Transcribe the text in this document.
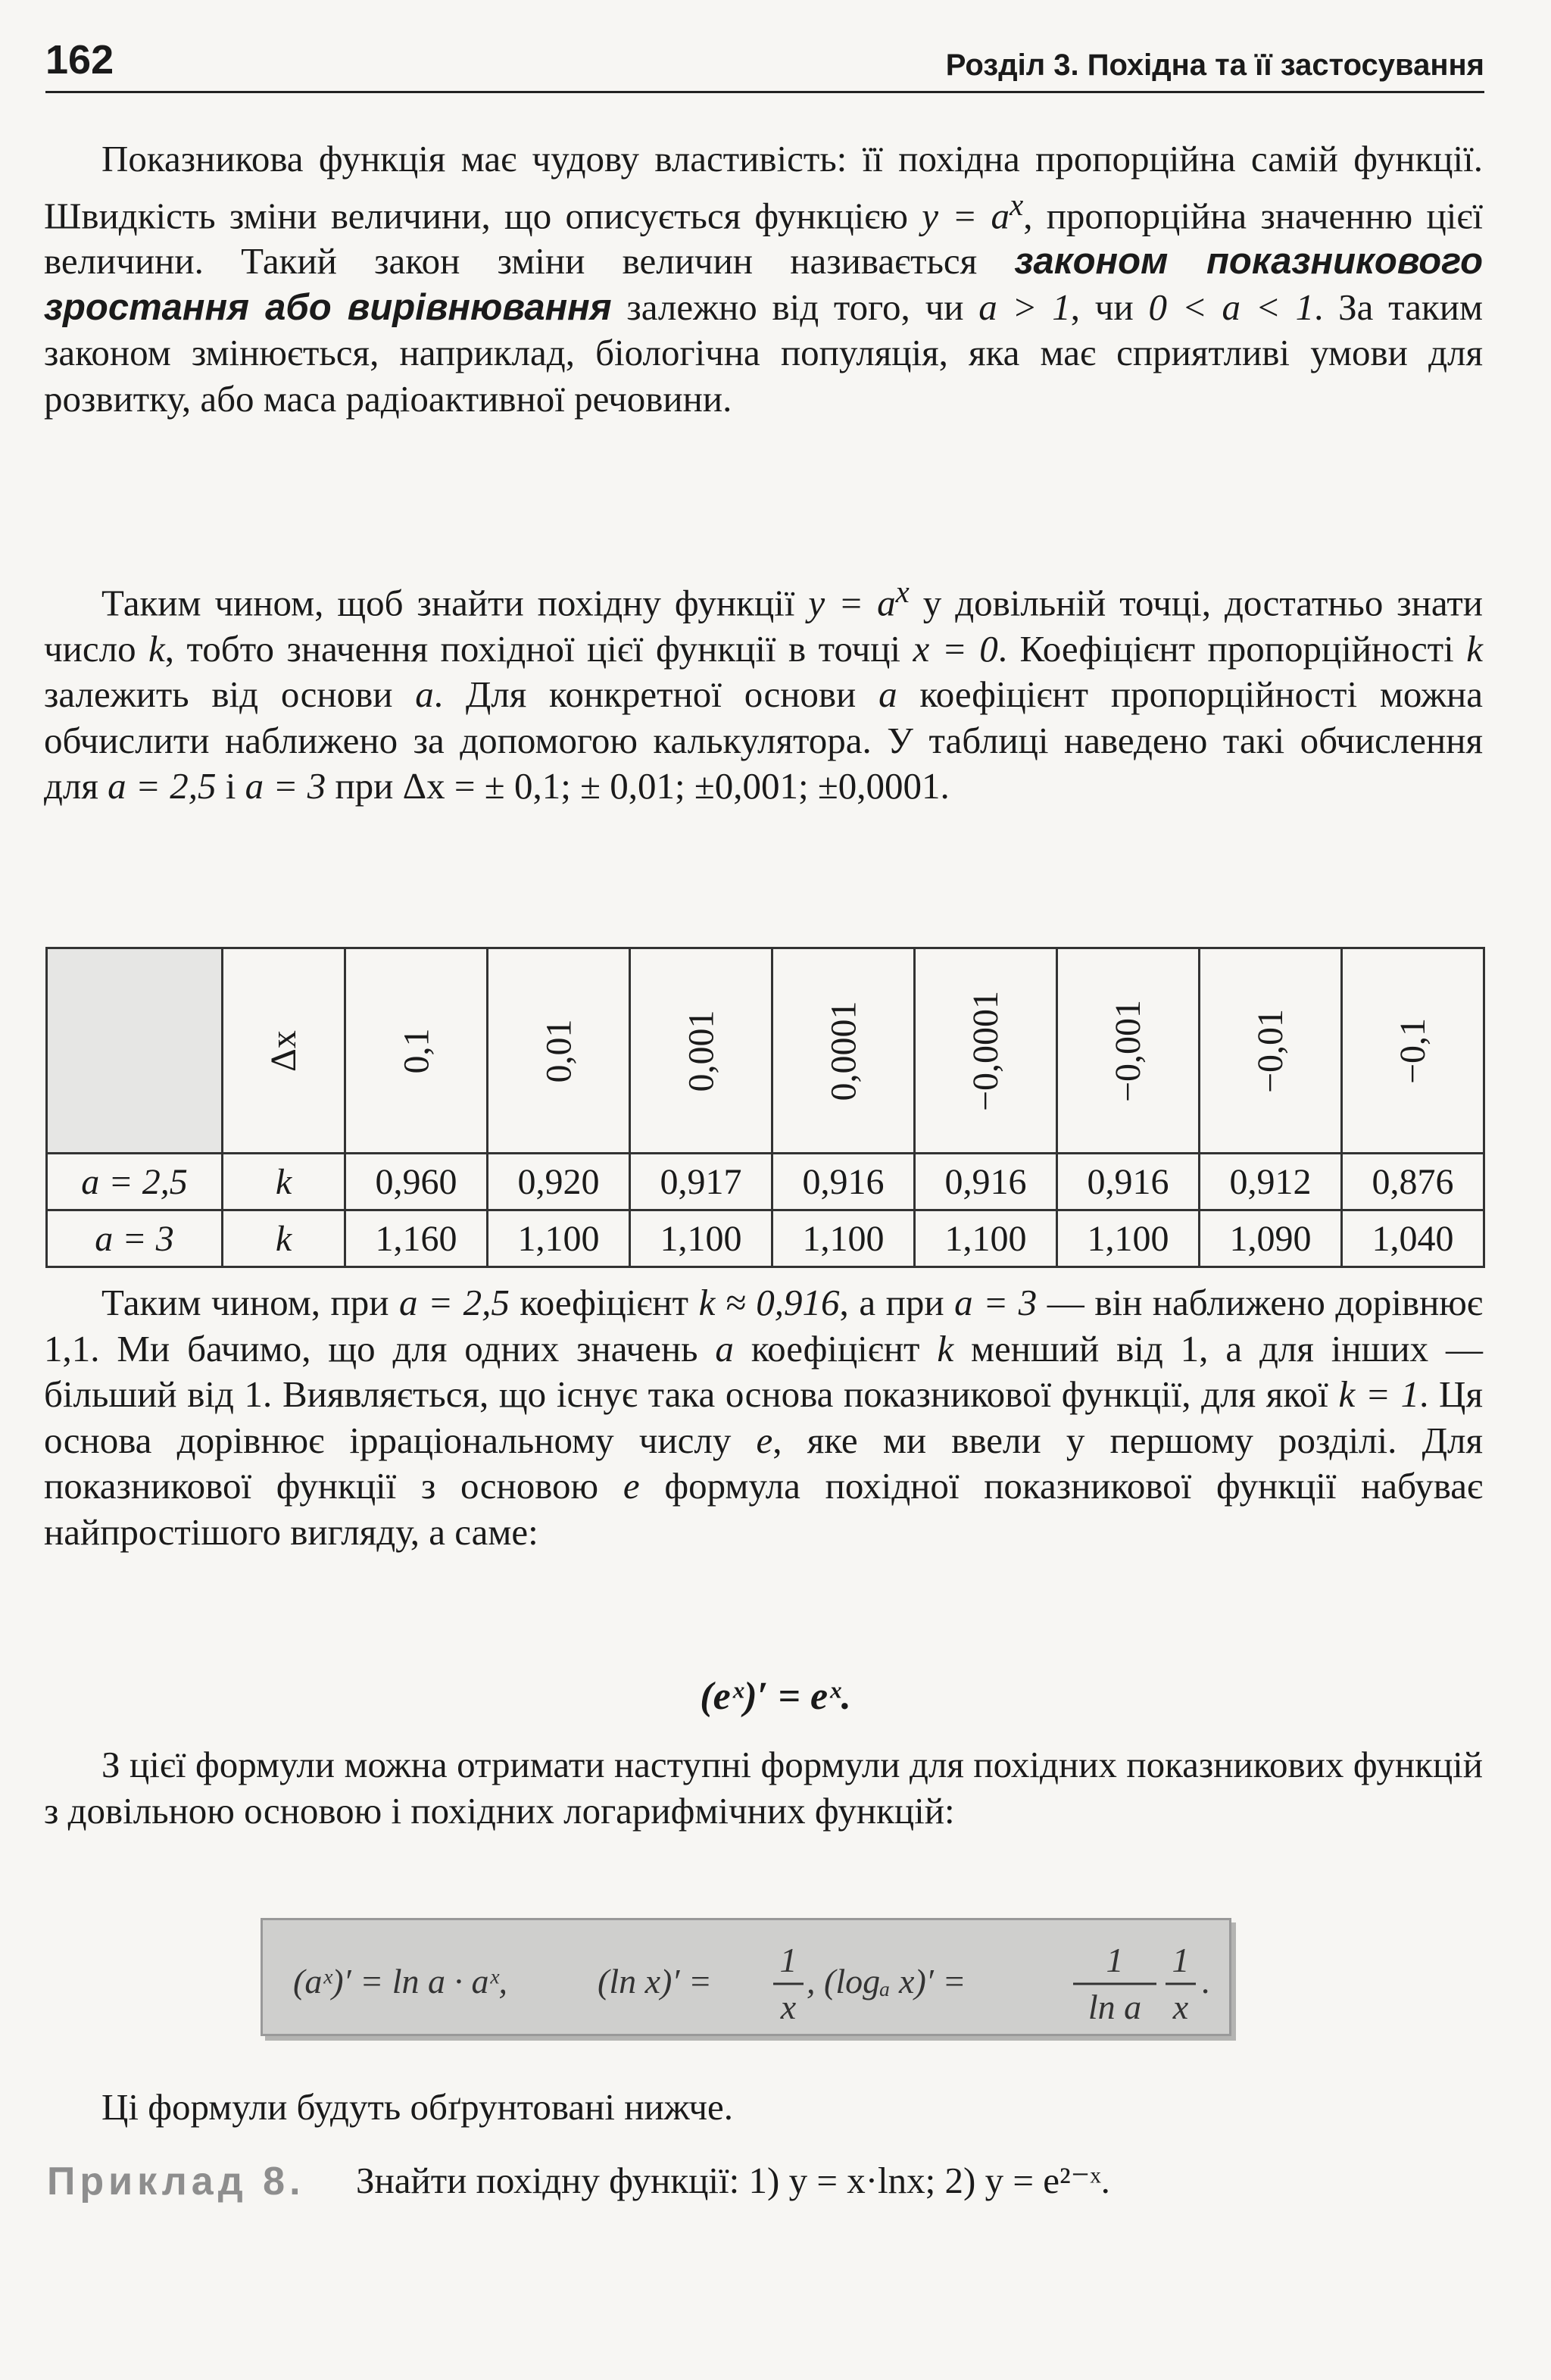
162	Розділ 3. Похідна та її застосування

Показникова функція має чудову властивість: її похідна пропорційна самій функції. Швидкість зміни величини, що описується функцією $y = a^x$, пропорційна значенню цієї величини. Такий закон зміни величин називається законом показникового зростання або вирівнювання залежно від того, чи a > 1, чи 0 < a < 1. За таким законом змінюється, наприклад, біологічна популяція, яка має сприятливі умови для розвитку, або маса радіоактивної речовини.

Таким чином, щоб знайти похідну функції $y = a^x$ у довільній точці, достатньо знати число k, тобто значення похідної цієї функції в точці x = 0. Коефіцієнт пропорційності k залежить від основи a. Для конкретної основи a коефіцієнт пропорційності можна обчислити наближено за допомогою калькулятора. У таблиці наведено такі обчислення для a = 2,5 і a = 3 при Δx = ± 0,1; ± 0,01; ±0,001; ±0,0001.

	Δx	0,1	0,01	0,001	0,0001	−0,0001	−0,001	−0,01	−0,1
a = 2,5	k	0,960	0,920	0,917	0,916	0,916	0,916	0,912	0,876
a = 3	k	1,160	1,100	1,100	1,100	1,100	1,100	1,090	1,040

Таким чином, при a = 2,5 коефіцієнт k ≈ 0,916, а при a = 3 — він наближено дорівнює 1,1. Ми бачимо, що для одних значень a коефіцієнт k менший від 1, а для інших — більший від 1. Виявляється, що існує така основа показникової функції, для якої k = 1. Ця основа дорівнює ірраціональному числу e, яке ми ввели у першому розділі. Для показникової функції з основою e формула похідної показникової функції набуває найпростішого вигляду, а саме:

(eˣ)′ = eˣ.

З цієї формули можна отримати наступні формули для похідних показникових функцій з довільною основою і похідних логарифмічних функцій:

(aˣ)′ = ln a · aˣ,	(ln x)′ =
1
x
, (logₐ x)′ =
1
ln a
1
x
.

Ці формули будуть обґрунтовані нижче.

Приклад 8. Знайти похідну функції: 1) y = x·lnx; 2) y = e²⁻ˣ.
